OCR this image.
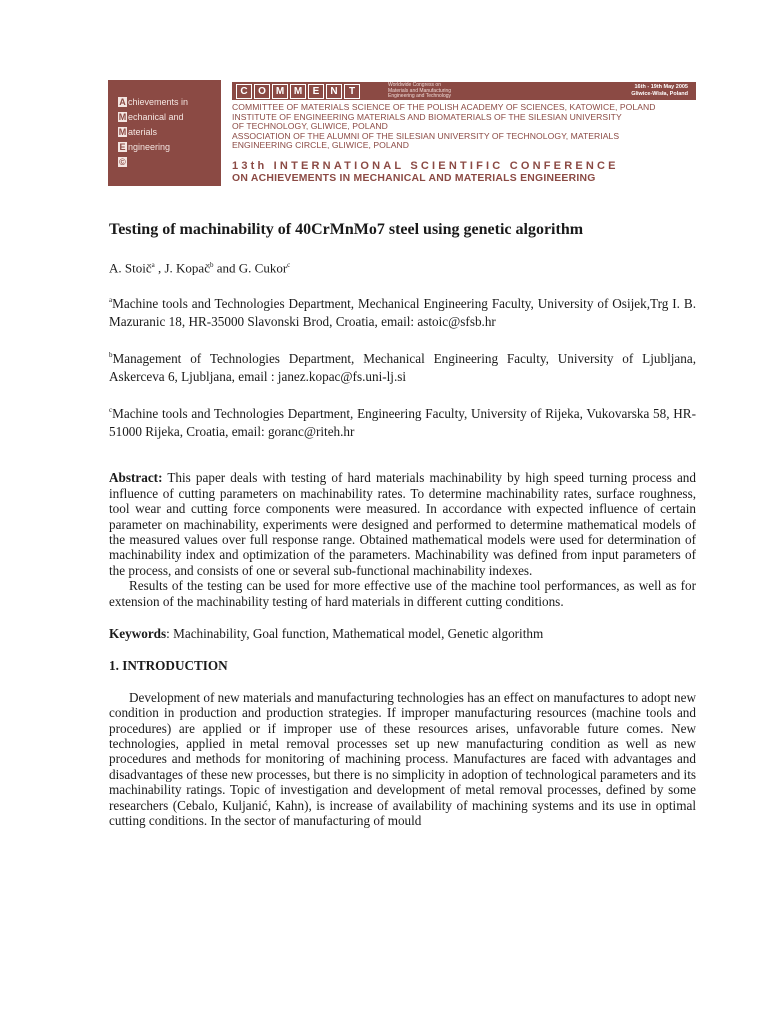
A chievements in
M echanical and
M aterials
E ngineering
©
C	O M M	E	N	T
Worldwide Congress on
Materials and Manufacturing
Engineering and Technology
16th - 19th May 2005
Gliwice-Wisła, Poland
COMMITTEE OF MATERIALS SCIENCE OF THE POLISH ACADEMY OF SCIENCES, KATOWICE, POLAND
INSTITUTE OF ENGINEERING MATERIALS AND BIOMATERIALS OF THE SILESIAN UNIVERSITY
OF TECHNOLOGY, GLIWICE, POLAND
ASSOCIATION OF THE ALUMNI OF THE SILESIAN UNIVERSITY OF TECHNOLOGY, MATERIALS
ENGINEERING CIRCLE, GLIWICE, POLAND
13th INTERNATIONAL SCIENTIFIC CONFERENCE
ON ACHIEVEMENTS IN MECHANICAL AND MATERIALS ENGINEERING
Testing of machinability of 40CrMnMo7 steel using genetic algorithm
A. Stoič$^a$ , J. Kopač$^b$ and G. Cukor$^c$
$^a$Machine tools and Technologies Department, Mechanical Engineering Faculty, University of Osijek,Trg I. B. Mazuranic 18, HR-35000 Slavonski Brod, Croatia, email: astoic@sfsb.hr
$^b$Management of Technologies Department, Mechanical Engineering Faculty, University of Ljubljana, Askerceva 6, Ljubljana, email : janez.kopac@fs.uni-lj.si
$^c$Machine tools and Technologies Department, Engineering Faculty, University of Rijeka, Vukovarska 58, HR-51000 Rijeka, Croatia, email: goranc@riteh.hr
Abstract: This paper deals with testing of hard materials machinability by high speed turning process and influence of cutting parameters on machinability rates. To determine machinability rates, surface roughness, tool wear and cutting force components were measured. In accordance with expected influence of certain parameter on machinability, experiments were designed and performed to determine mathematical models of the measured values over full response range. Obtained mathematical models were used for determination of machinability index and optimization of the parameters. Machinability was defined from input parameters of the process, and consists of one or several sub-functional machinability indexes.
Results of the testing can be used for more effective use of the machine tool performances, as well as for extension of the machinability testing of hard materials in different cutting conditions.
Keywords: Machinability, Goal function, Mathematical model, Genetic algorithm
1. INTRODUCTION
Development of new materials and manufacturing technologies has an effect on manufactures to adopt new condition in production and production strategies. If improper manufacturing resources (machine tools and procedures) are applied or if improper use of these resources arises, unfavorable future comes. New technologies, applied in metal removal processes set up new manufacturing condition as well as new procedures and methods for monitoring of machining process. Manufactures are faced with advantages and disadvantages of these new processes, but there is no simplicity in adoption of technological parameters and its machinability ratings. Topic of investigation and development of metal removal processes, defined by some researchers (Cebalo, Kuljanić, Kahn), is increase of availability of machining systems and its use in optimal cutting conditions. In the sector of manufacturing of mould
